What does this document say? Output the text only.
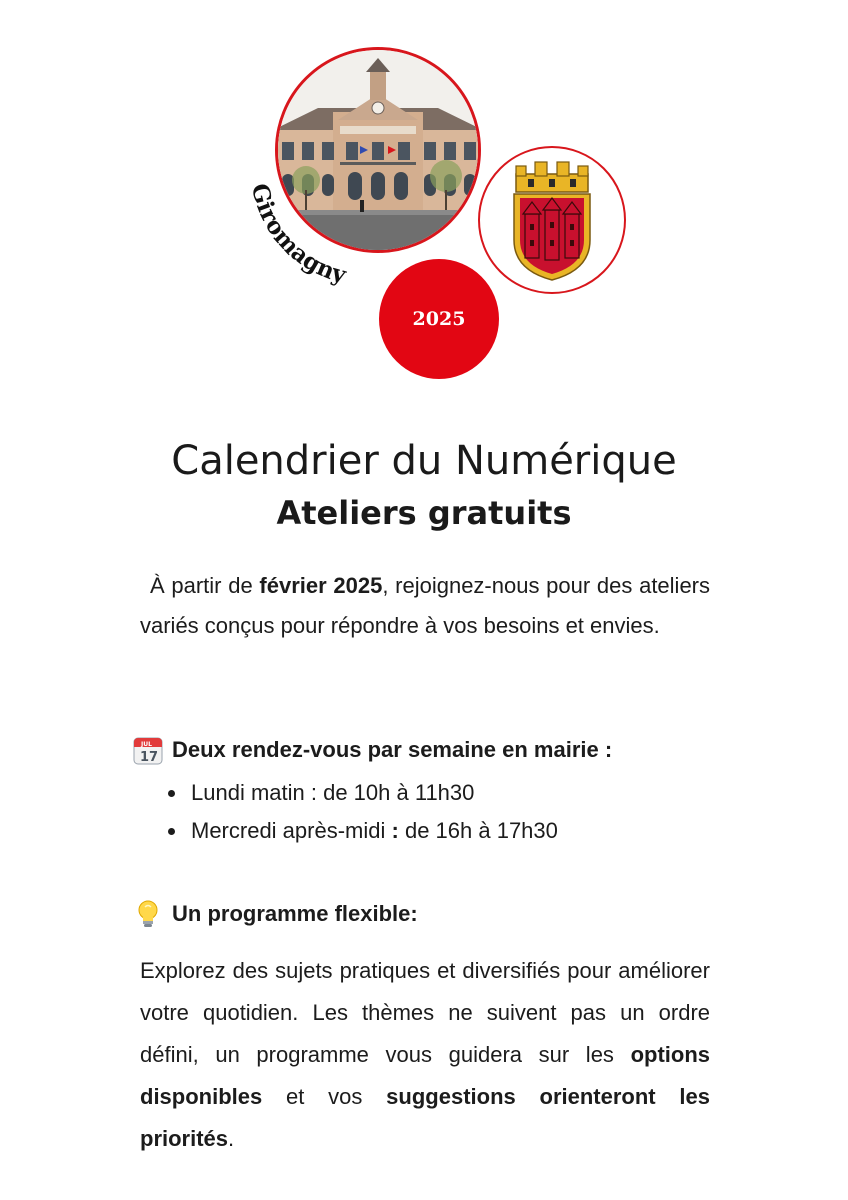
Giromagny
2025
Calendrier du Numérique
Ateliers gratuits

À partir de février 2025, rejoignez-nous pour des ateliers variés conçus pour répondre à vos besoins et envies.

JUL
17 Deux rendez-vous par semaine en mairie :
Lundi matin : de 10h à 11h30
Mercredi après-midi : de 16h à 17h30
Un programme flexible:

Explorez des sujets pratiques et diversifiés pour améliorer votre quotidien. Les thèmes ne suivent pas un ordre défini, un programme vous guidera sur les options disponibles et vos suggestions orienteront les priorités.
